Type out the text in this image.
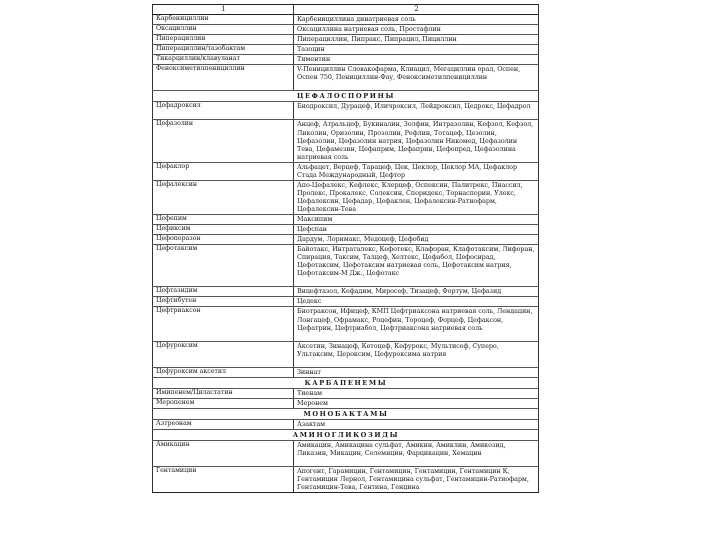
1	2
Карбенициллин	Карбенициллина динатриевая соль
Оксациллин	Оксациллина натриевая соль, Простафлин
Пиперациллин	Пиперациллин, Пипракс, Пипрацил, Пициллин
Пиперациллин/тазобактам	Тазоцин
Тикарциллин/клавуланат	Тиментин
Феноксиметилпенициллин	V-Пенициллин Словакофарма, Клиацил, Мегациллин орал, Оспен, Оспен 750, Пенициллин-Фау, Феноксиметилпенициллин
ЦЕФАЛОСПОРИНЫ	
Цефадроксил	Биодроксил, Дурацеф, Иличроксил, Лейдроксил, Цедрокс, Цефадрол
Цефазолин	Анцеф, Атральцеф, Букиналин, Золфин, Интразолин, Кефзол, Кефзол, Ликолин, Оризолин, Прозолин, Рефлин, Тотацеф, Цезолин, Цефазолин, Цефазолин натрия, Цефазолин Никомед, Цефазолин Тева, Цефамезин, Цефаприм, Цефаприн, Цефопред, Цефазолина натриевая соль
Цефаклор	Альфацет, Верцеф, Тарацеф, Цек, Цеклор, Цеклор МА, Цефаклор Стада Международный, Цефтор
Цефалексин	Апо-Цефалекс, Кефлекс, Клерцеф, Оспексин, Палитрекс, Пиассил, Пролекс, Прокалекс, Солексин, Споридекс, Торнаспорин, Улекс, Цефалексин, Цефадар, Цефаклен, Цефалексин-Ратиофарм, Цефалексин-Тева
Цефепим	Максипим
Цефиксим	Цефспан
Цефоперазон	Дардум, Лоримакс, Медоцеф, Цефобид
Цефотаксим	Байотакс, Интраталекс, Кефотекс, Клафоран, Клафотаксим, Лифоран, Спирация, Таксим, Талцеф, Хелтекс, Цефабол, Цефосирад, Цефотаксим, Цефотаксим натриевая соль, Цефотаксим натрия, Цефотаксим-М Дж., Цефотакс
Цефтазидим	Вицефтазол, Кефадим, Миросеф, Тизацеф, Фортум, Цефазид
Цефтибутен	Цедекс
Цефтриаксон	Биотраксон, Ифицеф, КМП Цефтриаксона натриевая соль, Лендацин, Лонгацеф, Офрамакс, Роцефин, Тороцеф, Форцеф, Цефаксон, Цефатрин, Цефтриабол, Цефтриаксона натриевая соль
Цефуроксим	Аксетин, Зинацеф, Кетоцеф, Кефурокс, Мультисеф, Суперо, Ультаксим, Цероксим, Цефуроксима натрия
Цефуроксим аксетил	Зиннат
КАРБАПЕНЕМЫ	
Имипенем/Циластатин	Тиенам
Меропенем	Меронем
МОНОБАКТАМЫ	
Азтреонам	Азактам
АМИНОГЛИКОЗИДЫ	
Амикацин	Амикацин, Амикацина сульфат, Амикин, Амиклин, Амикозид, Ликазин, Микацин, Селемицин, Фарцикацин, Хемацин
Гентамицин	Апогент, Гарамицин, Гентамицин, Гентамицин, Гентамицин К, Гентамицин Лернол, Гентамицина сульфат, Гентамицин-Ратиофарм, Гентамицин-Тева, Гентина, Генцина
